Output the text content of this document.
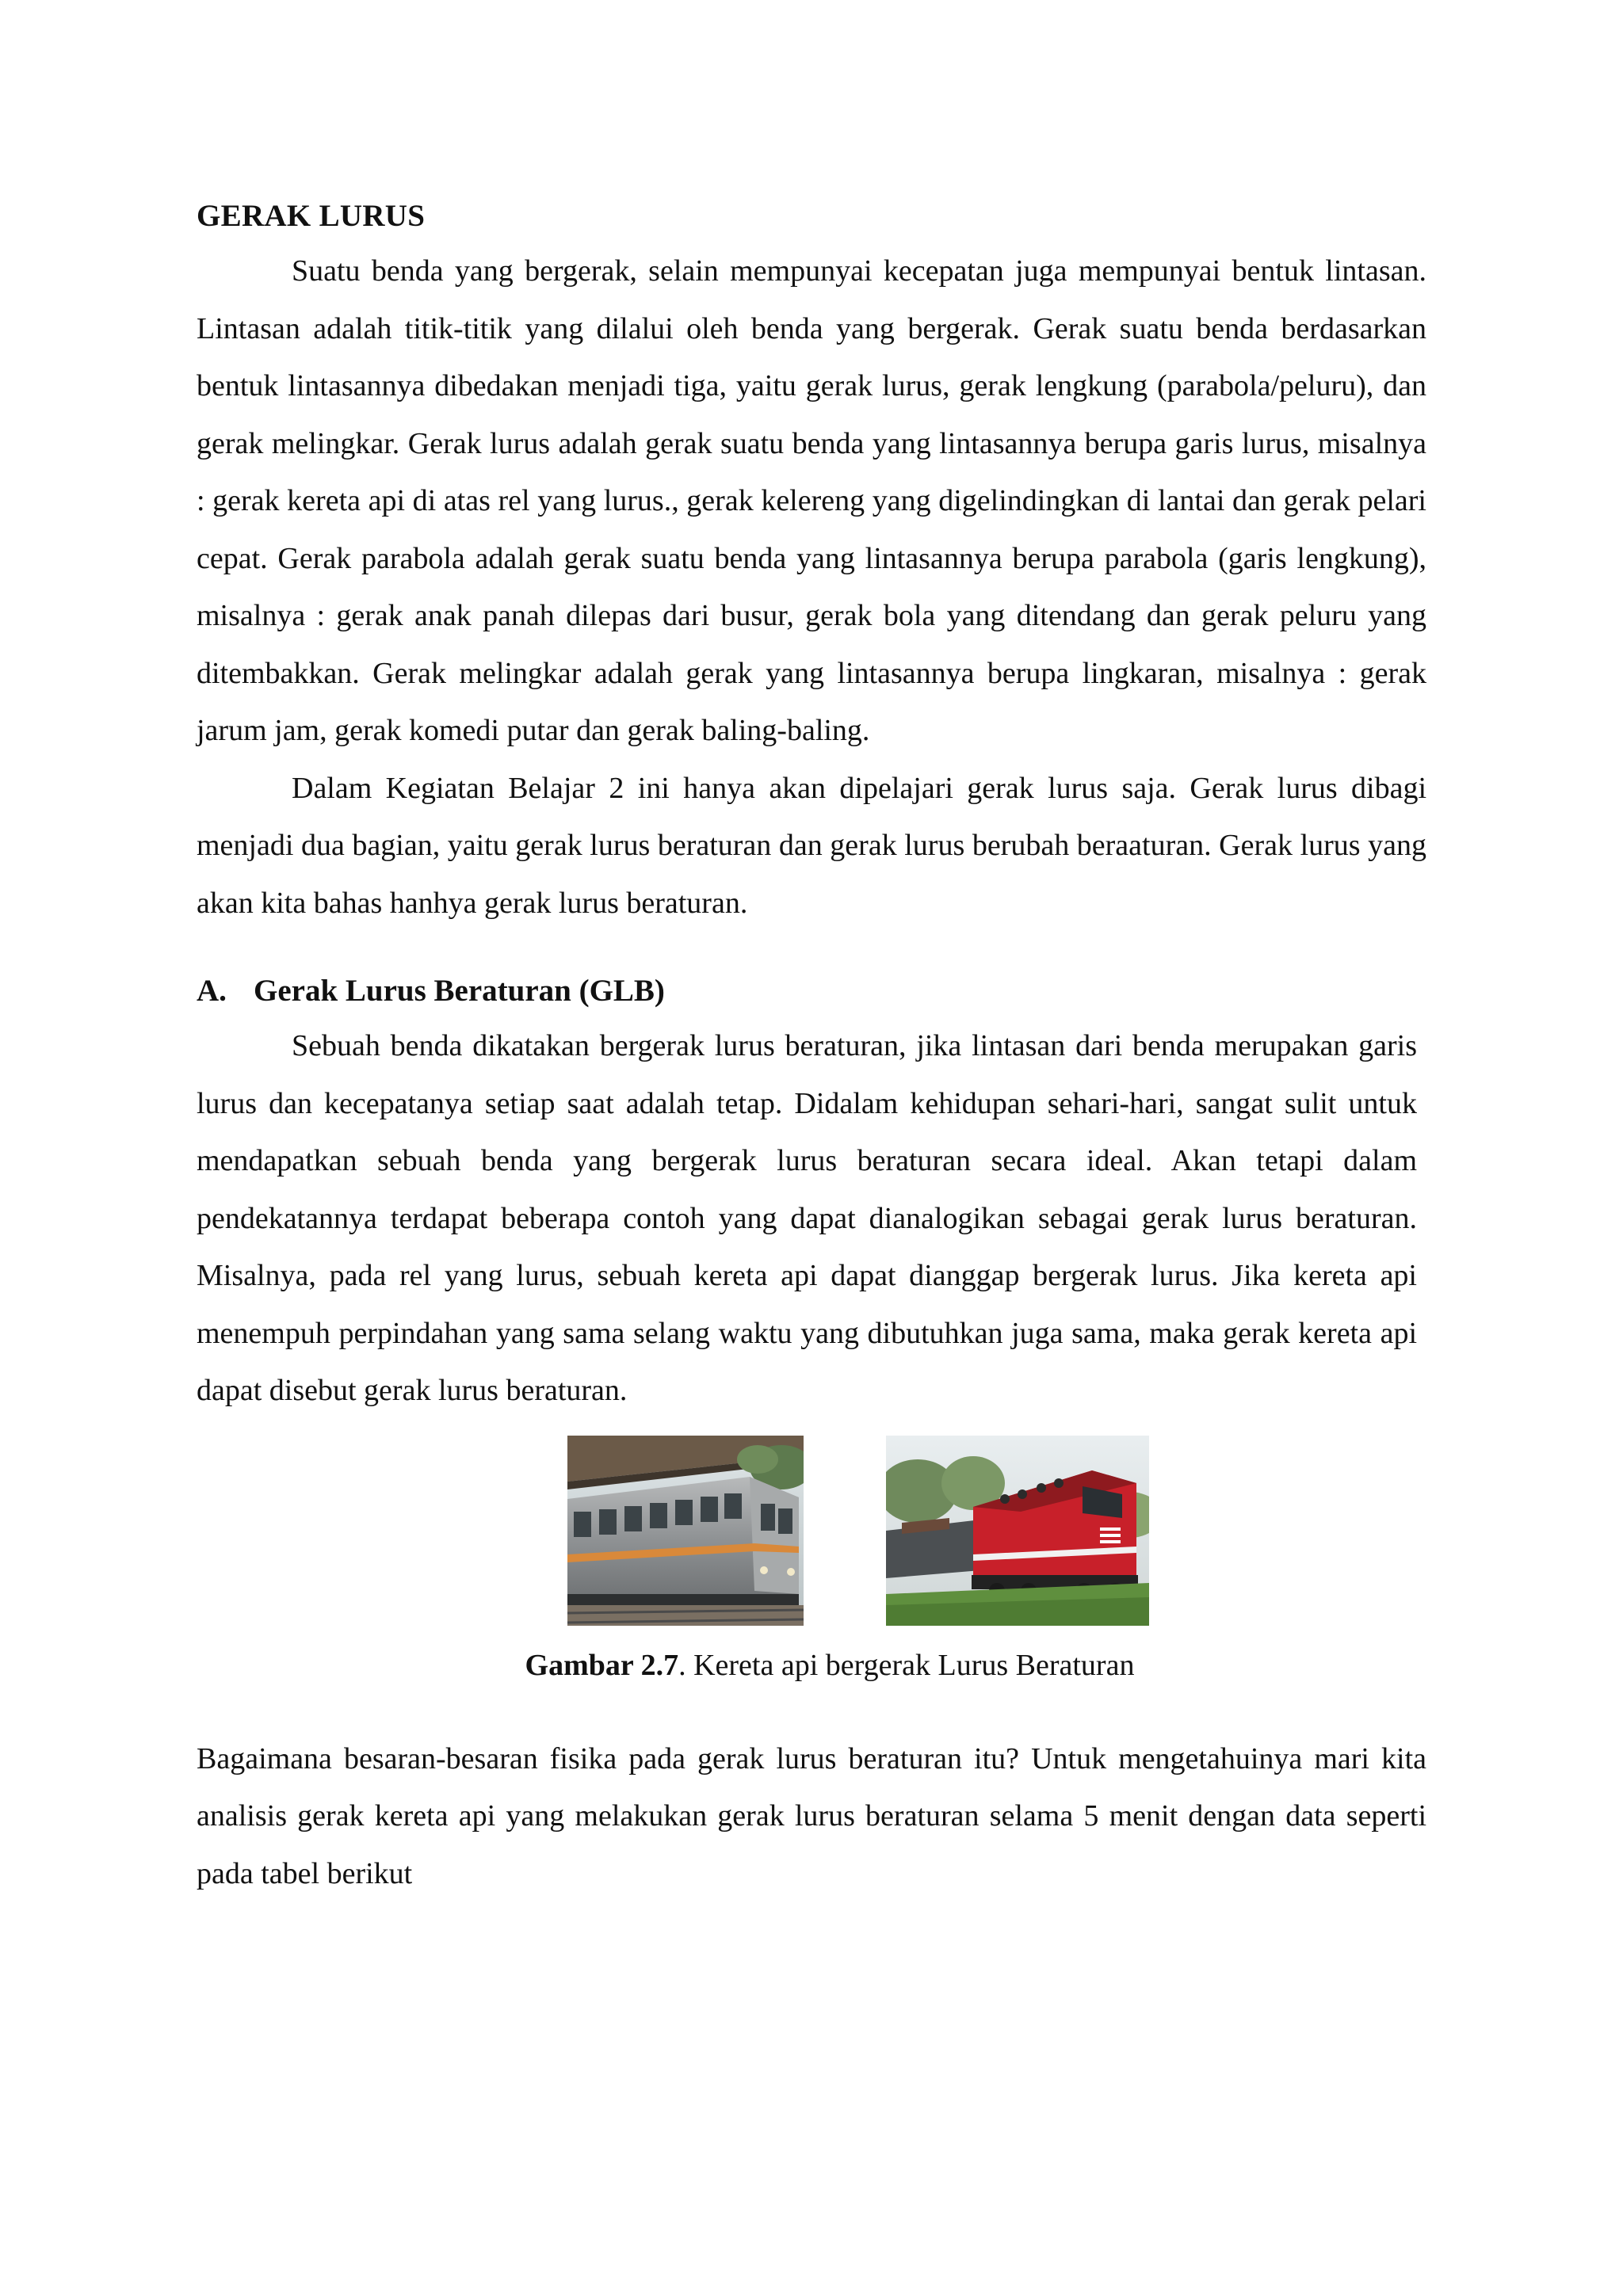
GERAK LURUS

Suatu benda yang bergerak, selain mempunyai kecepatan juga mempunyai bentuk lintasan. Lintasan adalah titik-titik yang dilalui oleh benda yang bergerak. Gerak suatu benda berdasarkan bentuk lintasannya dibedakan menjadi tiga, yaitu gerak lurus, gerak lengkung (parabola/peluru), dan gerak melingkar. Gerak lurus adalah gerak suatu benda yang lintasannya berupa garis lurus, misalnya : gerak kereta api di atas rel yang lurus., gerak kelereng yang digelindingkan di lantai dan gerak pelari cepat. Gerak parabola adalah gerak suatu benda yang lintasannya berupa parabola (garis lengkung), misalnya : gerak anak panah dilepas dari busur, gerak bola yang ditendang dan gerak peluru yang ditembakkan. Gerak melingkar adalah gerak yang lintasannya berupa lingkaran, misalnya : gerak jarum jam, gerak komedi putar dan gerak baling-baling.

Dalam Kegiatan Belajar 2 ini hanya akan dipelajari gerak lurus saja. Gerak lurus dibagi menjadi dua bagian, yaitu gerak lurus beraturan dan gerak lurus berubah beraaturan. Gerak lurus yang akan kita bahas hanhya gerak lurus beraturan.

A. Gerak Lurus Beraturan (GLB)

Sebuah benda dikatakan bergerak lurus beraturan, jika lintasan dari benda merupakan garis lurus dan kecepatanya setiap saat adalah tetap. Didalam kehidupan sehari-hari, sangat sulit untuk mendapatkan sebuah benda yang bergerak lurus beraturan secara ideal. Akan tetapi dalam pendekatannya terdapat beberapa contoh yang dapat dianalogikan sebagai gerak lurus beraturan. Misalnya, pada rel yang lurus, sebuah kereta api dapat dianggap bergerak lurus. Jika kereta api menempuh perpindahan yang sama selang waktu yang dibutuhkan juga sama, maka gerak kereta api dapat disebut gerak lurus beraturan.

Gambar 2.7. Kereta api bergerak Lurus Beraturan

Bagaimana besaran-besaran fisika pada gerak lurus beraturan itu? Untuk mengetahuinya mari kita analisis gerak kereta api yang melakukan gerak lurus beraturan selama 5 menit dengan data seperti pada tabel berikut
